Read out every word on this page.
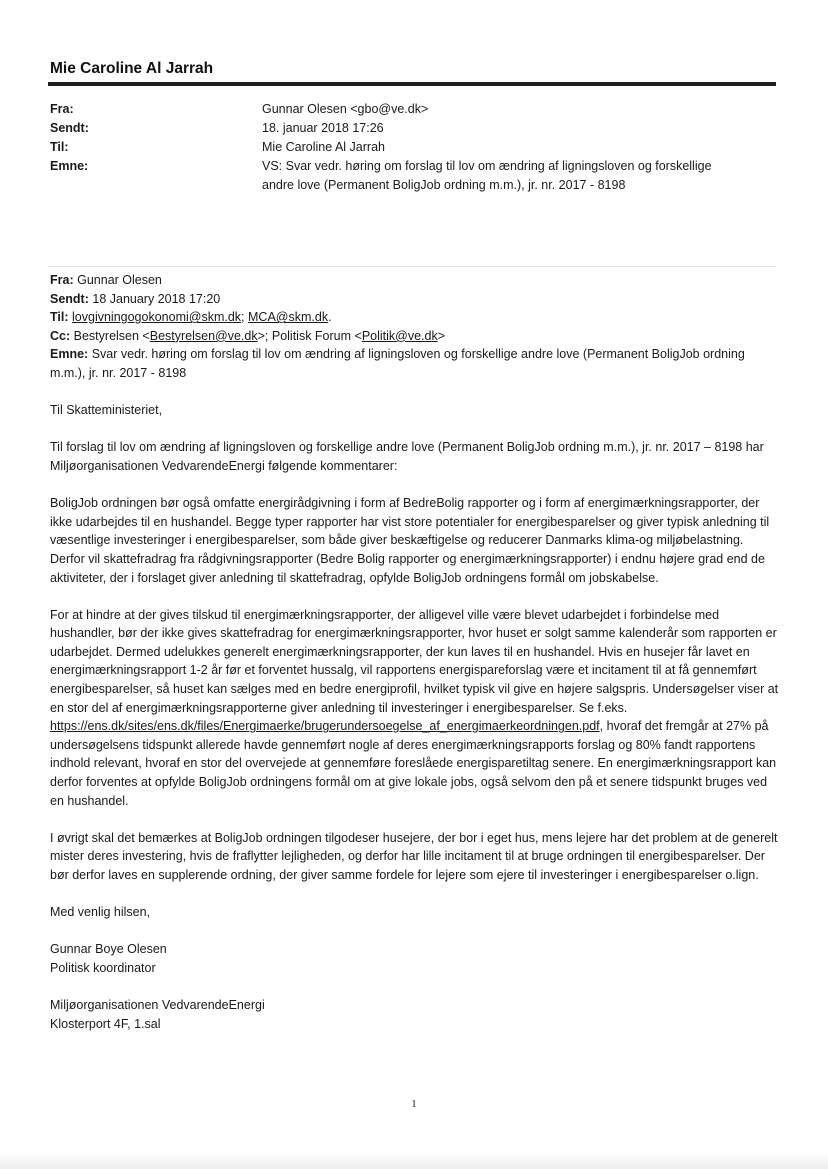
Mie Caroline Al Jarrah
Fra:	Gunnar Olesen <gbo@ve.dk>
Sendt:	18. januar 2018 17:26
Til:	Mie Caroline Al Jarrah
Emne:	VS: Svar vedr. høring om forslag til lov om ændring af ligningsloven og forskellige
andre love (Permanent BoligJob ordning m.m.), jr. nr. 2017 - 8198
Fra: Gunnar Olesen
Sendt: 18 January 2018 17:20
Til: lovgivningogokonomi@skm.dk; MCA@skm.dk.
Cc: Bestyrelsen <Bestyrelsen@ve.dk>; Politisk Forum <Politik@ve.dk>

Emne: Svar vedr. høring om forslag til lov om ændring af ligningsloven og forskellige andre love (Permanent BoligJob ordning m.m.), jr. nr. 2017 - 8198

Til Skatteministeriet,

Til forslag til lov om ændring af ligningsloven og forskellige andre love (Permanent BoligJob ordning m.m.), jr. nr. 2017 – 8198 har Miljøorganisationen VedvarendeEnergi følgende kommentarer:

BoligJob ordningen bør også omfatte energirådgivning i form af BedreBolig rapporter og i form af energimærkningsrapporter, der ikke udarbejdes til en hushandel. Begge typer rapporter har vist store potentialer for energibesparelser og giver typisk anledning til væsentlige investeringer i energibesparelser, som både giver beskæftigelse og reducerer Danmarks klima-og miljøbelastning. Derfor vil skattefradrag fra rådgivningsrapporter (Bedre Bolig rapporter og energimærkningsrapporter) i endnu højere grad end de aktiviteter, der i forslaget giver anledning til skattefradrag, opfylde BoligJob ordningens formål om jobskabelse.

For at hindre at der gives tilskud til energimærkningsrapporter, der alligevel ville være blevet udarbejdet i forbindelse med hushandler, bør der ikke gives skattefradrag for energimærkningsrapporter, hvor huset er solgt samme kalenderår som rapporten er udarbejdet. Dermed udelukkes generelt energimærkningsrapporter, der kun laves til en hushandel. Hvis en husejer får lavet en energimærkningsrapport 1-2 år før et forventet hussalg, vil rapportens energispareforslag være et incitament til at få gennemført energibesparelser, så huset kan sælges med en bedre energiprofil, hvilket typisk vil give en højere salgspris. Undersøgelser viser at en stor del af energimærkningsrapporterne giver anledning til investeringer i energibesparelser. Se f.eks. https://ens.dk/sites/ens.dk/files/Energimaerke/brugerundersoegelse_af_energimaerkeordningen.pdf, hvoraf det fremgår at 27% på undersøgelsens tidspunkt allerede havde gennemført nogle af deres energimærkningsrapports forslag og 80% fandt rapportens indhold relevant, hvoraf en stor del overvejede at gennemføre foreslåede energisparetiltag senere. En energimærkningsrapport kan derfor forventes at opfylde BoligJob ordningens formål om at give lokale jobs, også selvom den på et senere tidspunkt bruges ved en hushandel.

I øvrigt skal det bemærkes at BoligJob ordningen tilgodeser husejere, der bor i eget hus, mens lejere har det problem at de generelt mister deres investering, hvis de fraflytter lejligheden, og derfor har lille incitament til at bruge ordningen til energibesparelser. Der bør derfor laves en supplerende ordning, der giver samme fordele for lejere som ejere til investeringer i energibesparelser o.lign.

Med venlig hilsen,

Gunnar Boye Olesen
Politisk koordinator
Miljøorganisationen VedvarendeEnergi
Klosterport 4F, 1.sal
1
